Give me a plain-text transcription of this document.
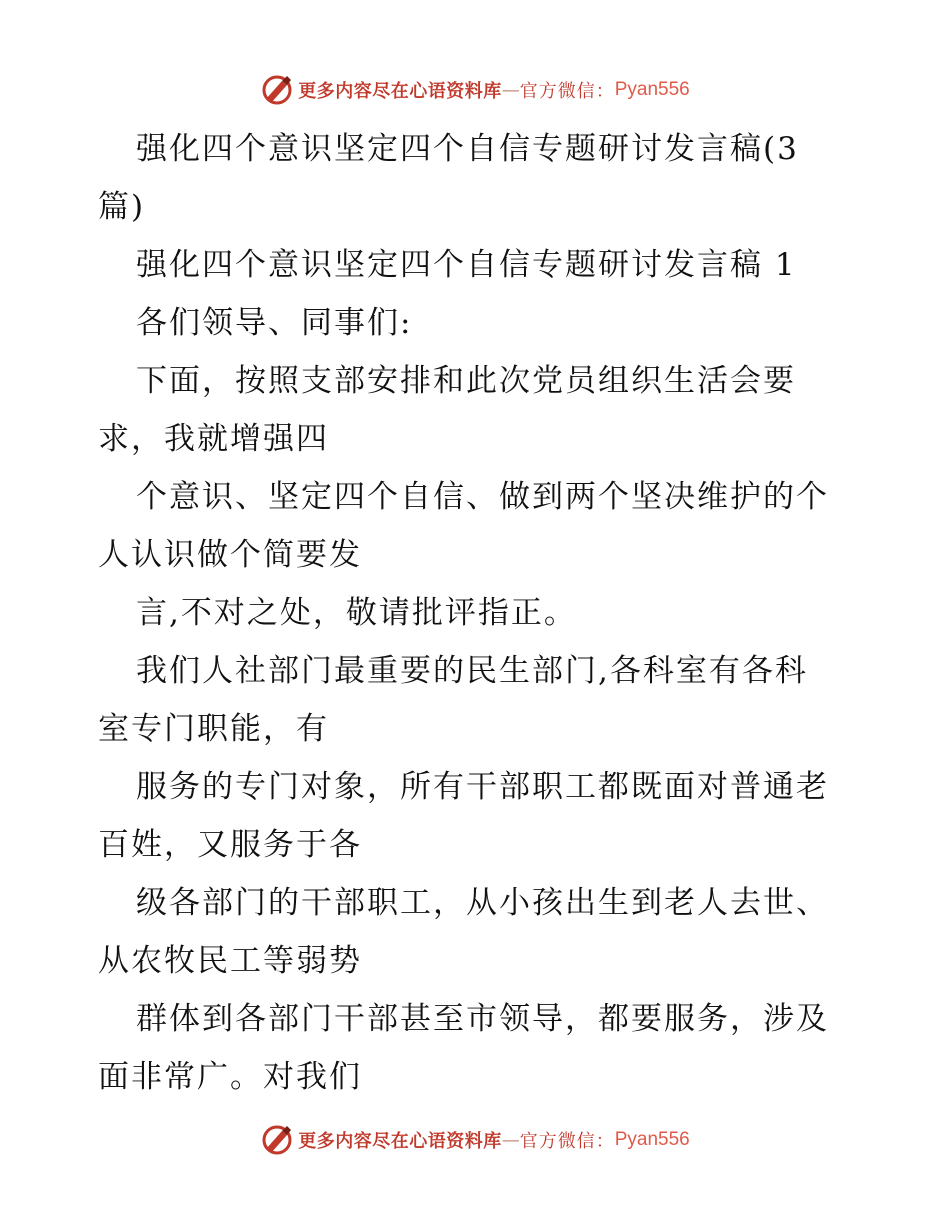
更多内容尽在心语资料库 — 官方微信： Pyan556
强化四个意识坚定四个自信专题研讨发言稿(3
篇)
强化四个意识坚定四个自信专题研讨发言稿 1
各们领导、同事们:
下面，按照支部安排和此次党员组织生活会要
求，我就增强四
个意识、坚定四个自信、做到两个坚决维护的个
人认识做个简要发
言,不对之处，敬请批评指正。
我们人社部门最重要的民生部门,各科室有各科
室专门职能，有
服务的专门对象，所有干部职工都既面对普通老
百姓，又服务于各
级各部门的干部职工，从小孩出生到老人去世、
从农牧民工等弱势
群体到各部门干部甚至市领导，都要服务，涉及
面非常广。对我们
更多内容尽在心语资料库 — 官方微信： Pyan556
